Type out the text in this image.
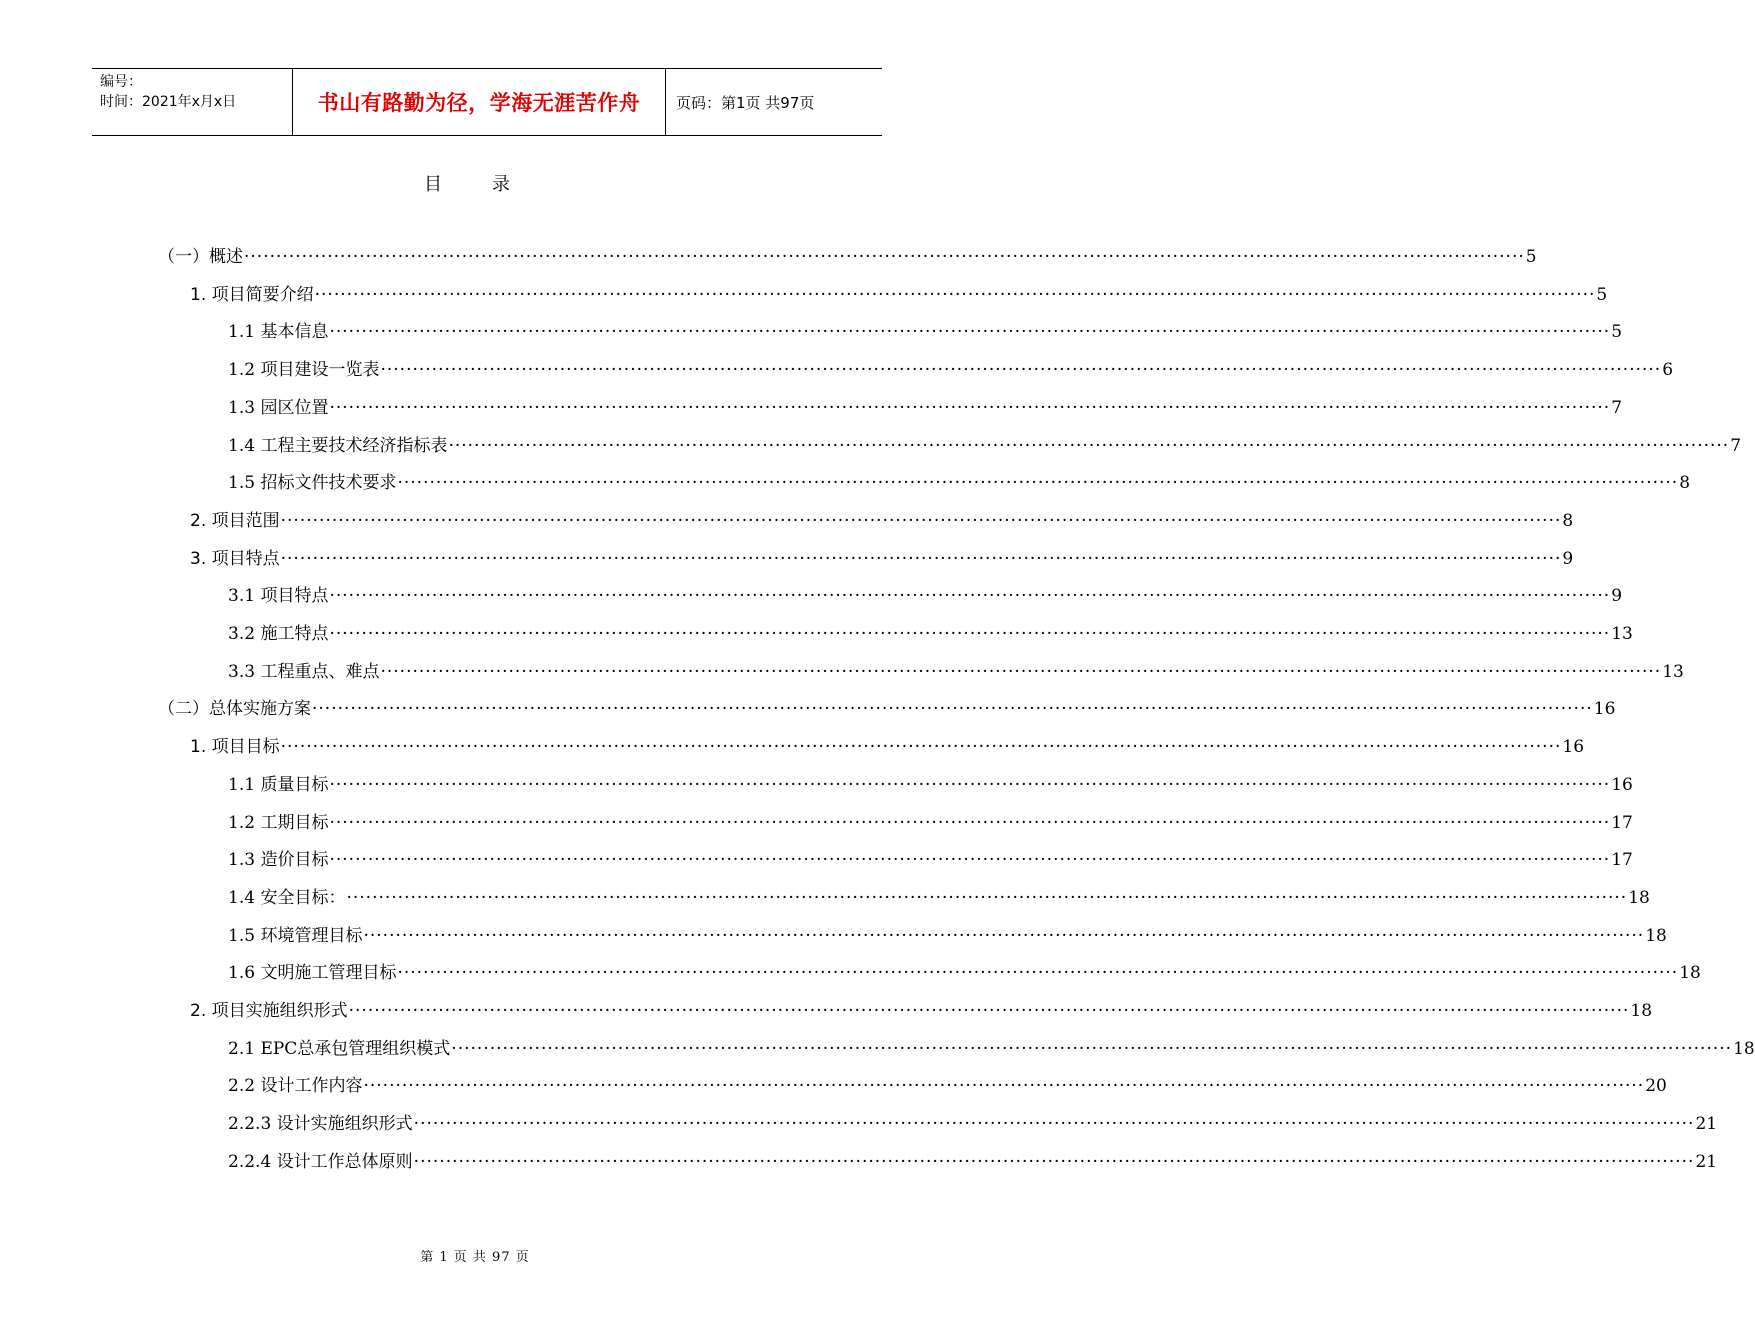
编号：
时间：2021年x月x日	书山有路勤为径，学海无涯苦作舟 页码：第1页 共97页
目　录
（一）概述 ········································································································································································································ 5
1. 项目简要介绍 ········································································································································································································ 5
1.1 基本信息 ········································································································································································································ 5
1.2 项目建设一览表 ········································································································································································································ 6
1.3 园区位置 ········································································································································································································ 7
1.4 工程主要技术经济指标表 ········································································································································································································ 7
1.5 招标文件技术要求 ········································································································································································································ 8
2. 项目范围 ········································································································································································································ 8
3. 项目特点 ········································································································································································································ 9
3.1 项目特点 ········································································································································································································ 9
3.2 施工特点 ········································································································································································································ 13
3.3 工程重点、难点 ········································································································································································································ 13
（二）总体实施方案 ········································································································································································································ 16
1. 项目目标 ········································································································································································································ 16
1.1 质量目标 ········································································································································································································ 16
1.2 工期目标 ········································································································································································································ 17
1.3 造价目标 ········································································································································································································ 17
1.4 安全目标： ········································································································································································································ 18
1.5 环境管理目标 ········································································································································································································ 18
1.6 文明施工管理目标 ········································································································································································································ 18
2. 项目实施组织形式 ········································································································································································································ 18
2.1 EPC总承包管理组织模式 ········································································································································································································ 18
2.2 设计工作内容 ········································································································································································································ 20
2.2.3 设计实施组织形式 ········································································································································································································ 21
2.2.4 设计工作总体原则 ········································································································································································································ 21
第 1 页 共 97 页
